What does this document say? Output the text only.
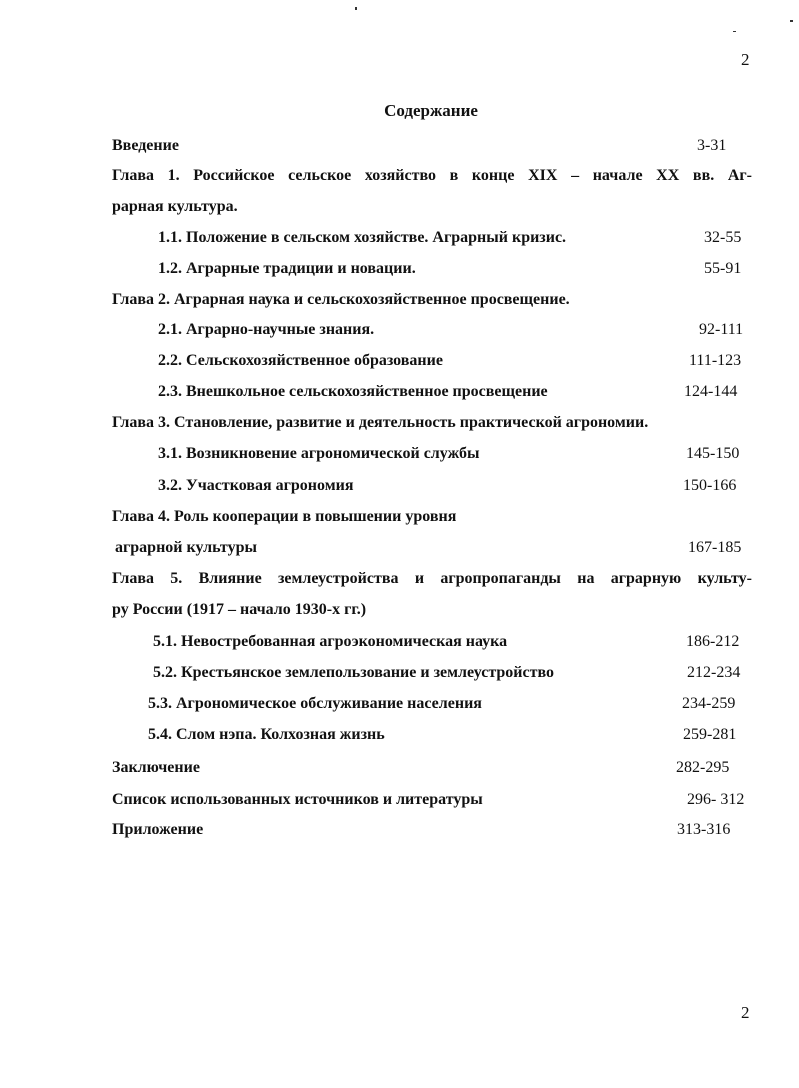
2
Содержание
Введение	3-31
Глава 1. Российское сельское хозяйство в конце XIX – начале XX вв. Аг-
рарная культура.
1.1. Положение в сельском хозяйстве. Аграрный кризис.	32-55
1.2. Аграрные традиции и новации.	55-91
Глава 2. Аграрная наука и сельскохозяйственное просвещение.
2.1. Аграрно-научные знания.	92-111
2.2. Сельскохозяйственное образование	111-123
2.3. Внешкольное сельскохозяйственное просвещение	124-144
Глава 3. Становление, развитие и деятельность практической агрономии.
3.1. Возникновение агрономической службы	145-150
3.2. Участковая агрономия	150-166
Глава 4. Роль кооперации в повышении уровня
аграрной культуры	167-185
Глава 5. Влияние землеустройства и агропропаганды на аграрную культу-
ру России (1917 – начало 1930-х гг.)
5.1. Невостребованная агроэкономическая наука	186-212
5.2. Крестьянское землепользование и землеустройство	212-234
5.3. Агрономическое обслуживание населения	234-259
5.4. Слом нэпа. Колхозная жизнь	259-281
Заключение	282-295
Список использованных источников и литературы	296- 312
Приложение	313-316
2
